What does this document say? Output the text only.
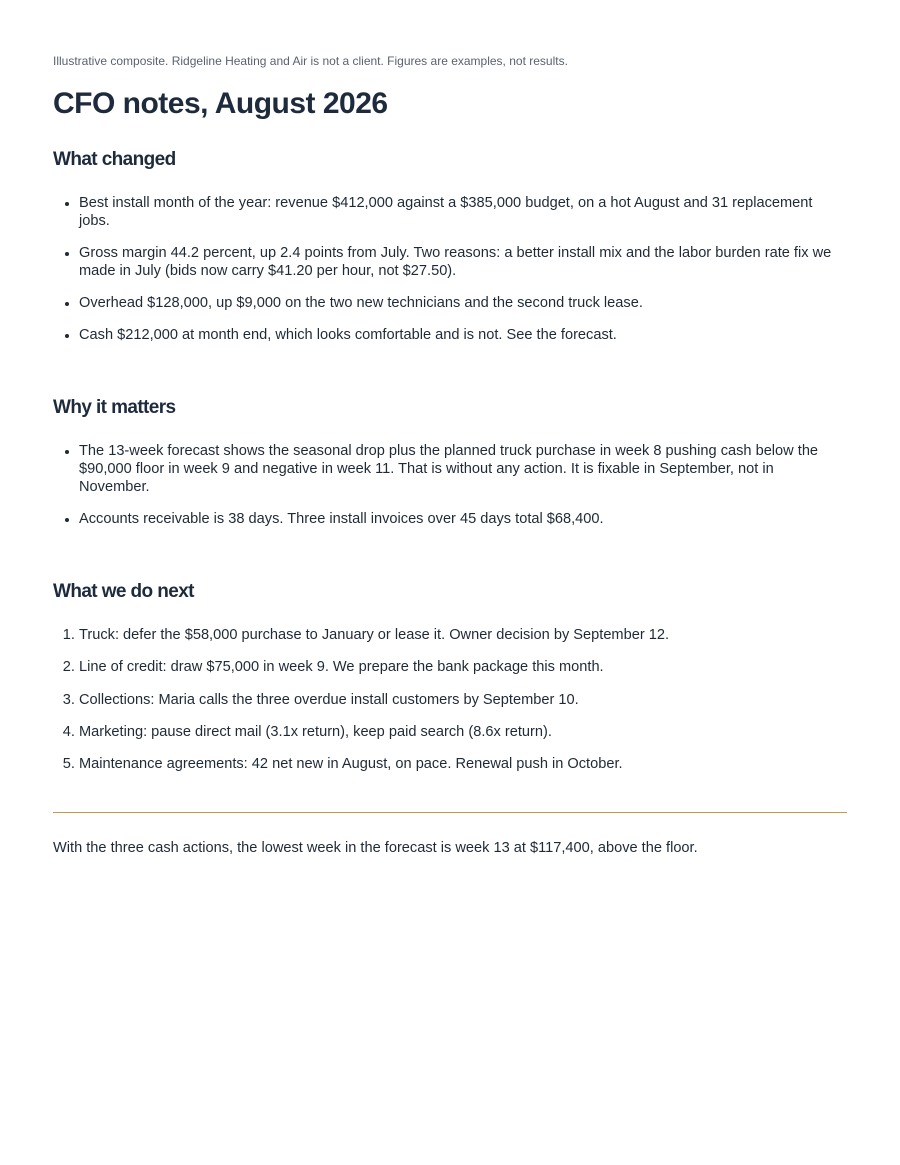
Illustrative composite. Ridgeline Heating and Air is not a client. Figures are examples, not results.

CFO notes, August 2026
What changed
• Best install month of the year: revenue $412,000 against a $385,000 budget, on a hot August and 31 replacement jobs.
• Gross margin 44.2 percent, up 2.4 points from July. Two reasons: a better install mix and the labor burden rate fix we made in July (bids now carry $41.20 per hour, not $27.50).
• Overhead $128,000, up $9,000 on the two new technicians and the second truck lease.
• Cash $212,000 at month end, which looks comfortable and is not. See the forecast.
Why it matters
• The 13-week forecast shows the seasonal drop plus the planned truck purchase in week 8 pushing cash below the $90,000 floor in week 9 and negative in week 11. That is without any action. It is fixable in September, not in November.
• Accounts receivable is 38 days. Three install invoices over 45 days total $68,400.
What we do next
1. Truck: defer the $58,000 purchase to January or lease it. Owner decision by September 12.
2. Line of credit: draw $75,000 in week 9. We prepare the bank package this month.
3. Collections: Maria calls the three overdue install customers by September 10.
4. Marketing: pause direct mail (3.1x return), keep paid search (8.6x return).
5. Maintenance agreements: 42 net new in August, on pace. Renewal push in October.

With the three cash actions, the lowest week in the forecast is week 13 at $117,400, above the floor.
